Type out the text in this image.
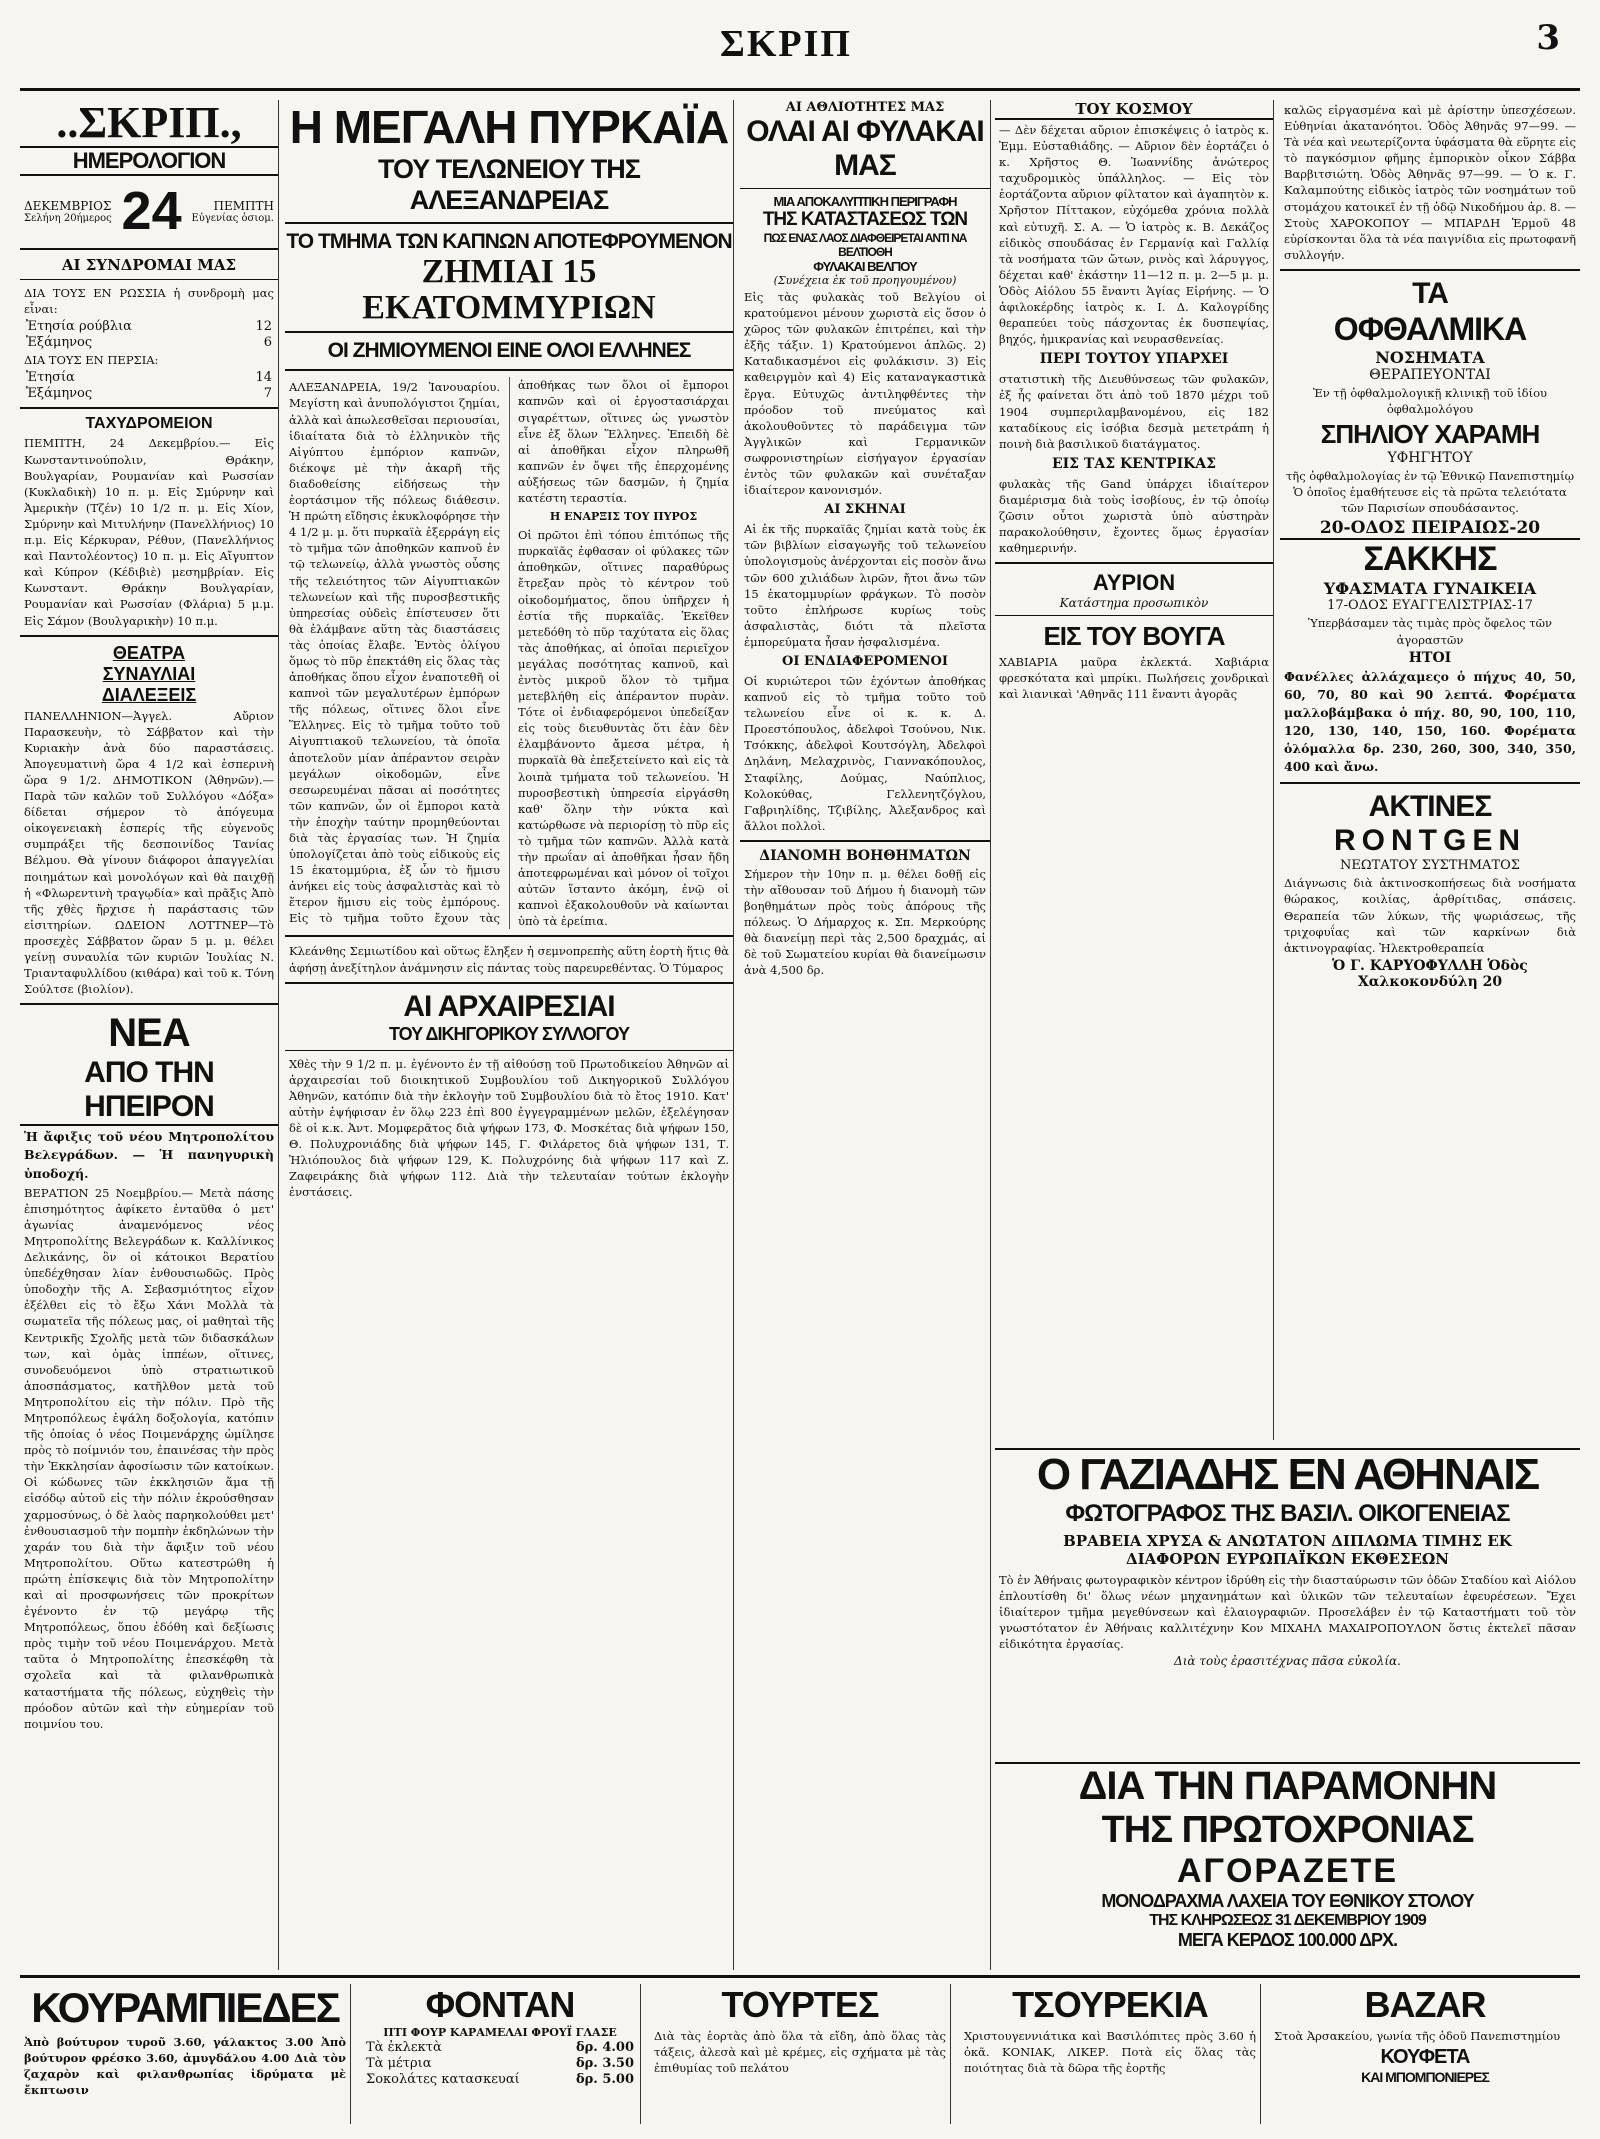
ΣΚΡΙΠ	3
..ΣΚΡΙΠ.,
ΗΜΕΡΟΛΟΓΙΟΝ
ΔΕΚΕΜΒΡΙΟΣ
Σελήνη 20ήμερος 24	ΠΕΜΠΤΗ
Εὐγενίας ὁσιομ.
ΑΙ ΣΥΝΔΡΟΜΑΙ ΜΑΣ
ΔΙΑ ΤΟΥΣ ΕΝ ΡΩΣΣΙΑ ἡ συνδρομὴ μας εἶναι:
Ἐτησία ρούβλια	12
Ἑξάμηνος	6
ΔΙΑ ΤΟΥΣ ΕΝ ΠΕΡΣΙΑ:
Ἐτησία	14
Ἑξάμηνος	7
ΤΑΧΥΔΡΟΜΕΙΟΝ
ΠΕΜΠΤΗ, 24 Δεκεμβρίου.— Εἰς Κωνσταντινούπολιν, Θράκην, Βουλγαρίαν, Ρουμανίαν καὶ Ρωσσίαν (Κυκλαδικὴ) 10 π. μ. Εἰς Σμύρνην καὶ Ἀμερικὴν (Τζέν) 10 1/2 π. μ. Εἰς Χίον, Σμύρνην καὶ Μιτυλήνην (Πανελλήνιος) 10 π.μ. Εἰς Κέρκυραν, Ρέθυν, (Πανελλήνιος καὶ Παντολέοντος) 10 π. μ. Εἰς Αἴγυπτον καὶ Κύπρον (Κέδιβιὲ) μεσημβρίαν. Εἰς Κωνσταντ. Θράκην Βουλγαρίαν, Ρουμανίαν καὶ Ρωσσίαν (Φλάρια) 5 μ.μ. Εἰς Σάμον (Βουλγαρικὴν) 10 π.μ.
ΘΕΑΤΡΑ
ΣΥΝΑΥΛΙΑΙ
ΔΙΑΛΕΞΕΙΣ
ΠΑΝΕΛΛΗΝΙΟΝ—Ἀγγελ. Αὔριον Παρασκευὴν, τὸ Σάββατον καὶ τὴν Κυριακὴν ἀνὰ δύο παραστάσεις. Ἀπογευματινὴ ὥρα 4 1/2 καὶ ἑσπερινὴ ὥρα 9 1/2. ΔΗΜΟΤΙΚΟΝ (Ἀθηνῶν).— Παρὰ τῶν καλῶν τοῦ Συλλόγου «Δόξα» δίδεται σήμερον τὸ ἀπόγευμα οἰκογενειακὴ ἑσπερίς τῆς εὐγενοῦς συμπράξει τῆς δεσποινίδος Τανίας Βέλμου. Θὰ γίνουν διάφοροι ἀπαγγελίαι ποιημάτων καὶ μονολόγων καὶ θὰ παιχθῇ ἡ «Φλωρεντινὴ τραγῳδία» καὶ πρᾶξις Ἀπὸ τῆς χθὲς ἤρχισε ἡ παράστασις τῶν εἰσιτηρίων. ΩΔΕΙΟΝ ΛΟΤΤΝΕΡ—Τὸ προσεχὲς Σάββατον ὥραν 5 μ. μ. θέλει γείνῃ συναυλία τῶν κυριῶν Ἰουλίας Ν. Τριανταφυλλίδου (κιθάρα) καὶ τοῦ κ. Τόνη Σούλτσε (βιολίον).
ΝΕΑ
ΑΠΟ ΤΗΝ ΗΠΕΙΡΟΝ
Ἡ ἄφιξις τοῦ νέου Μητροπολίτου Βελεγράδων. — Ἡ πανηγυρικὴ ὑποδοχή.
ΒΕΡΑΤΙΟΝ 25 Νοεμβρίου.— Μετὰ πάσης ἐπισημότητος ἀφίκετο ἐνταῦθα ὁ μετ' ἀγωνίας ἀναμενόμενος νέος Μητροπολίτης Βελεγράδων κ. Καλλίνικος Δελικάνης, ὃν οἱ κάτοικοι Βερατίου ὑπεδέχθησαν λίαν ἐνθουσιωδῶς. Πρὸς ὑποδοχὴν τῆς Α. Σεβασμιότητος εἶχον ἐξέλθει εἰς τὸ ἔξω Χάνι Μολλὰ τὰ σωματεῖα τῆς πόλεως μας, οἱ μαθηταὶ τῆς Κεντρικῆς Σχολῆς μετὰ τῶν διδασκάλων των, καὶ ὁμὰς ἱππέων, οἵτινες, συνοδευόμενοι ὑπὸ στρατιωτικοῦ ἀποσπάσματος, κατῆλθον μετὰ τοῦ Μητροπολίτου εἰς τὴν πόλιν. Πρὸ τῆς Μητροπόλεως ἐψάλη δοξολογία, κατόπιν τῆς ὁποίας ὁ νέος Ποιμενάρχης ὡμίλησε πρὸς τὸ ποίμνιόν του, ἐπαινέσας τὴν πρὸς τὴν Ἐκκλησίαν ἀφοσίωσιν τῶν κατοίκων. Οἱ κώδωνες τῶν ἐκκλησιῶν ἅμα τῇ εἰσόδῳ αὐτοῦ εἰς τὴν πόλιν ἐκρούσθησαν χαρμοσύνως, ὁ δὲ λαὸς παρηκολούθει μετ' ἐνθουσιασμοῦ τὴν πομπὴν ἐκδηλώνων τὴν χαράν του διὰ τὴν ἄφιξιν τοῦ νέου Μητροπολίτου. Οὕτω κατεστρώθη ἡ πρώτη ἐπίσκεψις διὰ τὸν Μητροπολίτην καὶ αἱ προσφωνήσεις τῶν προκρίτων ἐγένοντο ἐν τῷ μεγάρῳ τῆς Μητροπόλεως, ὅπου ἐδόθη καὶ δεξίωσις πρὸς τιμὴν τοῦ νέου Ποιμενάρχου. Μετὰ ταῦτα ὁ Μητροπολίτης ἐπεσκέφθη τὰ σχολεῖα καὶ τὰ φιλανθρωπικὰ καταστήματα τῆς πόλεως, εὐχηθεὶς τὴν πρόοδον αὐτῶν καὶ τὴν εὐημερίαν τοῦ ποιμνίου του.
Η ΜΕΓΑΛΗ ΠΥΡΚΑΪΑ
ΤΟΥ ΤΕΛΩΝΕΙΟΥ ΤΗΣ ΑΛΕΞΑΝΔΡΕΙΑΣ
ΤΟ ΤΜΗΜΑ ΤΩΝ ΚΑΠΝΩΝ ΑΠΟΤΕΦΡΟΥΜΕΝΟΝ
ΖΗΜΙΑΙ 15 ΕΚΑΤΟΜΜΥΡΙΩΝ
ΟΙ ΖΗΜΙΟΥΜΕΝΟΙ ΕΙΝΕ ΟΛΟΙ ΕΛΛΗΝΕΣ
ΑΛΕΞΑΝΔΡΕΙΑ, 19/2 Ἰανουαρίου. Μεγίστη καὶ ἀνυπολόγιστοι ζημίαι, ἀλλὰ καὶ ἀπωλεσθεῖσαι περιουσίαι, ἰδιαίτατα διὰ τὸ ἑλληνικὸν τῆς Αἰγύπτου ἐμπόριον καπνῶν, διέκοψε μὲ τὴν ἀκαρῆ τῆς διαδοθείσης εἰδήσεως τὴν ἑορτάσιμον τῆς πόλεως διάθεσιν. Ἡ πρώτη εἴδησις ἐκυκλοφόρησε τὴν 4 1/2 μ. μ. ὅτι πυρκαϊὰ ἐξερράγη εἰς τὸ τμῆμα τῶν ἀποθηκῶν καπνοῦ ἐν τῷ τελωνείῳ, ἀλλὰ γνωστὸς οὖσης τῆς τελειότητος τῶν Αἰγυπτιακῶν τελωνείων καὶ τῆς πυροσβεστικῆς ὑπηρεσίας οὐδεὶς ἐπίστευσεν ὅτι θὰ ἐλάμβανε αὕτη τὰς διαστάσεις τὰς ὁποίας ἔλαβε. Ἐντὸς ὀλίγου ὅμως τὸ πῦρ ἐπεκτάθη εἰς ὅλας τὰς ἀποθήκας ὅπου εἶχον ἐναποτεθῆ οἱ καπνοὶ τῶν μεγαλυτέρων ἐμπόρων τῆς πόλεως, οἵτινες ὅλοι εἶνε Ἕλληνες. Εἰς τὸ τμῆμα τοῦτο τοῦ Αἰγυπτιακοῦ τελωνείου, τὰ ὁποῖα ἀποτελοῦν μίαν ἀπέραντον σειρὰν μεγάλων οἰκοδομῶν, εἶνε σεσωρευμέναι πᾶσαι αἱ ποσότητες τῶν καπνῶν, ὧν οἱ ἔμποροι κατὰ τὴν ἐποχὴν ταύτην προμηθεύονται διὰ τὰς ἐργασίας των. Ἡ ζημία ὑπολογίζεται ἀπὸ τοὺς εἰδικοὺς εἰς 15 ἑκατομμύρια, ἐξ ὧν τὸ ἥμισυ ἀνήκει εἰς τοὺς ἀσφαλιστὰς καὶ τὸ ἕτερον ἥμισυ εἰς τοὺς ἐμπόρους. Εἰς τὸ τμῆμα τοῦτο ἔχουν τὰς ἀποθήκας των ὅλοι οἱ ἔμποροι καπνῶν καὶ οἱ ἐργοστασιάρχαι σιγαρέττων, οἵτινες ὡς γνωστὸν εἶνε ἐξ ὅλων Ἕλληνες. Ἐπειδὴ δὲ αἱ ἀποθῆκαι εἶχον πληρωθῆ καπνῶν ἐν ὄψει τῆς ἐπερχομένης αὐξήσεως τῶν δασμῶν, ἡ ζημία κατέστη τεραστία.
Η ΕΝΑΡΞΙΣ ΤΟΥ ΠΥΡΟΣ
Οἱ πρῶτοι ἐπὶ τόπου ἐπιτόπως τῆς πυρκαϊᾶς ἐφθασαν οἱ φύλακες τῶν ἀποθηκῶν, οἵτινες παραθύρως ἔτρεξαν πρὸς τὸ κέντρον τοῦ οἰκοδομήματος, ὅπου ὑπῆρχεν ἡ ἑστία τῆς πυρκαϊᾶς. Ἐκεῖθεν μετεδόθη τὸ πῦρ ταχύτατα εἰς ὅλας τὰς ἀποθήκας, αἱ ὁποῖαι περιεῖχον μεγάλας ποσότητας καπνοῦ, καὶ ἐντὸς μικροῦ ὅλον τὸ τμῆμα μετεβλήθη εἰς ἀπέραντον πυρὰν. Τότε οἱ ἐνδιαφερόμενοι ὑπεδείξαν εἰς τοὺς διευθυντὰς ὅτι ἐὰν δὲν ἐλαμβάνοντο ἄμεσα μέτρα, ἡ πυρκαϊὰ θὰ ἐπεξετείνετο καὶ εἰς τὰ λοιπὰ τμήματα τοῦ τελωνείου. Ἡ πυροσβεστικὴ ὑπηρεσία εἰργάσθη καθ' ὅλην τὴν νύκτα καὶ κατώρθωσε νὰ περιορίσῃ τὸ πῦρ εἰς τὸ τμῆμα τῶν καπνῶν. Ἀλλὰ κατὰ τὴν πρωΐαν αἱ ἀποθῆκαι ἦσαν ἤδη ἀποτεφρωμέναι καὶ μόνον οἱ τοῖχοι αὐτῶν ἵσταντο ἀκόμη, ἐνῷ οἱ καπνοὶ ἐξακολουθοῦν νὰ καίωνται ὑπὸ τὰ ἐρείπια.
Κλεάνθης Σεμιωτίδου καὶ οὕτως ἔληξεν ἡ σεμνοπρεπὴς αὕτη ἑορτὴ ἥτις θὰ ἀφήσῃ ἀνεξίτηλον ἀνάμνησιν εἰς πάντας τοὺς παρευρεθέντας. Ὁ Τύμαρος
ΑΙ ΑΡΧΑΙΡΕΣΙΑΙ
ΤΟΥ ΔΙΚΗΓΟΡΙΚΟΥ ΣΥΛΛΟΓΟΥ
Χθὲς τὴν 9 1/2 π. μ. ἐγένοντο ἐν τῇ αἰθούσῃ τοῦ Πρωτοδικείου Ἀθηνῶν αἱ ἀρχαιρεσίαι τοῦ διοικητικοῦ Συμβουλίου τοῦ Δικηγορικοῦ Συλλόγου Ἀθηνῶν, κατόπιν διὰ τὴν ἐκλογὴν τοῦ Συμβουλίου διὰ τὸ ἔτος 1910. Κατ' αὐτὴν ἐψήφισαν ἐν ὅλῳ 223 ἐπὶ 800 ἐγγεγραμμένων μελῶν, ἐξελέγησαν δὲ οἱ κ.κ. Ἀντ. Μομφερᾶτος διὰ ψήφων 173, Φ. Μοσκέτας διὰ ψήφων 150, Θ. Πολυχρονιάδης διὰ ψήφων 145, Γ. Φιλάρετος διὰ ψήφων 131, Τ. Ἠλιόπουλος διὰ ψήφων 129, Κ. Πολυχρόνης διὰ ψήφων 117 καὶ Ζ. Ζαφειράκης διὰ ψήφων 112. Διὰ τὴν τελευταίαν τούτων ἐκλογὴν ἐνστάσεις.
ΑΙ ΑΘΛΙΟΤΗΤΕΣ ΜΑΣ
ΟΛΑΙ ΑΙ ΦΥΛΑΚΑΙ ΜΑΣ
ΜΙΑ ΑΠΟΚΑΛΥΠΤΙΚΗ ΠΕΡΙΓΡΑΦΗ
ΤΗΣ ΚΑΤΑΣΤΑΣΕΩΣ ΤΩΝ
ΠΩΣ ΕΝΑΣ ΛΑΟΣ ΔΙΑΦΘΕΙΡΕΤΑΙ ΑΝΤΙ ΝΑ ΒΕΛΤΙΟΘΗ
ΦΥΛΑΚΑΙ ΒΕΛΓΙΟΥ
(Συνέχεια ἐκ τοῦ προηγουμένου)
Εἰς τὰς φυλακὰς τοῦ Βελγίου οἱ κρατούμενοι μένουν χωριστὰ εἰς ὅσον ὁ χῶρος τῶν φυλακῶν ἐπιτρέπει, καὶ τὴν ἐξῆς τάξιν. 1) Κρατούμενοι ἁπλῶς. 2) Καταδικασμένοι εἰς φυλάκισιν. 3) Εἰς καθειργμὸν καὶ 4) Εἰς καταναγκαστικὰ ἔργα. Εὐτυχῶς ἀντιληφθέντες τὴν πρόοδον τοῦ πνεύματος καὶ ἀκολουθοῦντες τὸ παράδειγμα τῶν Ἀγγλικῶν καὶ Γερμανικῶν σωφρονιστηρίων εἰσήγαγον ἐργασίαν ἐντὸς τῶν φυλακῶν καὶ συνέταξαν ἰδιαίτερον κανονισμόν.
ΑΙ ΣΚΗΝΑΙ
Αἱ ἐκ τῆς πυρκαϊᾶς ζημίαι κατὰ τοὺς ἐκ τῶν βιβλίων εἰσαγωγῆς τοῦ τελωνείου ὑπολογισμοὺς ἀνέρχονται εἰς ποσὸν ἄνω τῶν 600 χιλιάδων λιρῶν, ἤτοι ἄνω τῶν 15 ἑκατομμυρίων φράγκων. Τὸ ποσὸν τοῦτο ἐπλήρωσε κυρίως τοὺς ἀσφαλιστὰς, διότι τὰ πλεῖστα ἐμπορεύματα ἦσαν ἠσφαλισμένα.
ΟΙ ΕΝΔΙΑΦΕΡΟΜΕΝΟΙ
Οἱ κυριώτεροι τῶν ἐχόντων ἀποθήκας καπνοῦ εἰς τὸ τμῆμα τοῦτο τοῦ τελωνείου εἶνε οἱ κ. κ. Δ. Προεστόπουλος, ἀδελφοὶ Τσούνου, Νικ. Τσόκκης, ἀδελφοὶ Κουτσόγλη, Ἀδελφοὶ Δηλάνη, Μελαχρινὸς, Γιαννακόπουλος, Σταφίλης, Δούμας, Ναύπλιος, Κολοκύθας, Γελλενητζόγλου, Γαβριηλίδης, Τζιβίλης, Ἀλεξανδρος καὶ ἄλλοι πολλοὶ.
ΔΙΑΝΟΜΗ ΒΟΗΘΗΜΑΤΩΝ
Σήμερον τὴν 10ην π. μ. θέλει δοθῇ εἰς τὴν αἴθουσαν τοῦ Δήμου ἡ διανομὴ τῶν βοηθημάτων πρὸς τοὺς ἀπόρους τῆς πόλεως. Ὁ Δήμαρχος κ. Σπ. Μερκούρης θὰ διανείμῃ περὶ τὰς 2,500 δραχμάς, αἱ δὲ τοῦ Σωματείου κυρίαι θὰ διανείμωσιν ἀνὰ 4,500 δρ.
ΤΟΥ ΚΟΣΜΟΥ
— Δὲν δέχεται αὔριον ἐπισκέψεις ὁ ἰατρὸς κ. Ἐμμ. Εὐσταθιάδης. — Αὔριον δὲν ἑορτάζει ὁ κ. Χρῆστος Θ. Ἰωαννίδης ἀνώτερος ταχυδρομικὸς ὑπάλληλος. — Εἰς τὸν ἑορτάζοντα αὔριον φίλτατον καὶ ἀγαπητὸν κ. Χρῆστον Πίττακον, εὐχόμεθα χρόνια πολλὰ καὶ εὐτυχῆ. Σ. Α. — Ὁ ἰατρὸς κ. Β. Δεκάζος εἰδικὸς σπουδάσας ἐν Γερμανίᾳ καὶ Γαλλίᾳ τὰ νοσήματα τῶν ὤτων, ρινὸς καὶ λάρυγγος, δέχεται καθ' ἑκάστην 11—12 π. μ. 2—5 μ. μ. Ὁδὸς Αἰόλου 55 ἔναντι Ἁγίας Εἰρήνης. — Ὁ ἀφιλοκέρδης ἰατρὸς κ. Ι. Δ. Καλογρίδης θεραπεύει τοὺς πάσχοντας ἐκ δυσπεψίας, βηχός, ἡμικρανίας καὶ νευρασθενείας.
ΠΕΡΙ ΤΟΥΤΟΥ ΥΠΑΡΧΕΙ
στατιστικὴ τῆς Διευθύνσεως τῶν φυλακῶν, ἐξ ἧς φαίνεται ὅτι ἀπὸ τοῦ 1870 μέχρι τοῦ 1904 συμπεριλαμβανομένου, εἰς 182 καταδίκους εἰς ἰσόβια δεσμὰ μετετράπη ἡ ποινὴ διὰ βασιλικοῦ διατάγματος.
ΕΙΣ ΤΑΣ ΚΕΝΤΡΙΚΑΣ
φυλακὰς τῆς Gand ὑπάρχει ἰδιαίτερον διαμέρισμα διὰ τοὺς ἰσοβίους, ἐν τῷ ὁποίῳ ζῶσιν οὗτοι χωριστὰ ὑπὸ αὐστηρὰν παρακολούθησιν, ἔχοντες ὅμως ἐργασίαν καθημερινήν.
ΑΥΡΙΟΝ
Κατάστημα προσωπικὸν
ΕΙΣ ΤΟΥ ΒΟΥΓΑ
ΧΑΒΙΑΡΙΑ μαῦρα ἐκλεκτά. Χαβιάρια φρεσκότατα καὶ μπρίκι. Πωλήσεις χονδρικαὶ καὶ λιανικαὶ 'Αθηνᾶς 111 ἔναντι ἀγορᾶς
καλῶς εἰργασμένα καὶ μὲ ἀρίστην ὑπεσχέσεων. Εὐθηνίαι ἀκατανόητοι. Ὁδὸς Ἀθηνᾶς 97—99. — Τὰ νέα καὶ νεωτερίζοντα ὑφάσματα θὰ εὕρητε εἰς τὸ παγκόσμιον φῆμης ἐμπορικὸν οἶκον Σάββα Βαρβιτσιώτη. Ὁδὸς Ἀθηνᾶς 97—99. — Ὁ κ. Γ. Καλαμπούτης εἰδικὸς ἰατρὸς τῶν νοσημάτων τοῦ στομάχου κατοικεῖ ἐν τῇ ὁδῷ Νικοδήμου ἀρ. 8. — Στοὺς ΧΑΡΟΚΟΠΟΥ — ΜΠΑΡΔΗ Ἑρμοῦ 48 εὑρίσκονται ὅλα τὰ νέα παιγνίδια εἰς πρωτοφανῆ συλλογήν.
ΤΑ
ΟΦΘΑΛΜΙΚΑ
ΝΟΣΗΜΑΤΑ
ΘΕΡΑΠΕΥΟΝΤΑΙ
Ἐν τῇ ὀφθαλμολογικῇ κλινικῇ τοῦ ἰδίου ὀφθαλμολόγου
ΣΠΗΛΙΟΥ ΧΑΡΑΜΗ
ΥΦΗΓΗΤΟΥ
τῆς ὀφθαλμολογίας ἐν τῷ Ἐθνικῷ Πανεπιστημίῳ Ὁ ὁποῖος ἐμαθήτευσε εἰς τὰ πρῶτα τελειότατα τῶν Παρισίων σπουδάσαντος.
20-ΟΔΟΣ ΠΕΙΡΑΙΩΣ-20
ΣΑΚΚΗΣ
ΥΦΑΣΜΑΤΑ ΓΥΝΑΙΚΕΙΑ
17-ΟΔΟΣ ΕΥΑΓΓΕΛΙΣΤΡΙΑΣ-17
Ὑπερβάσαμεν τὰς τιμὰς πρὸς ὄφελος τῶν ἀγοραστῶν
ΗΤΟΙ
Φανέλλες ἀλλάχαμεςο ὁ πήχυς 40, 50, 60, 70, 80 καὶ 90 λεπτά. Φορέματα μαλλοβάμβακα ὁ πήχ. 80, 90, 100, 110, 120, 130, 140, 150, 160. Φορέματα ὁλόμαλλα δρ. 230, 260, 300, 340, 350, 400 καὶ ἄνω.
ΑΚΤΙΝΕΣ
RONTGEN
ΝΕΩΤΑΤΟΥ ΣΥΣΤΗΜΑΤΟΣ
Διάγνωσις διὰ ἀκτινοσκοπήσεως διὰ νοσήματα θώρακος, κοιλίας, ἀρθρίτιδας, σπάσεις. Θεραπεία τῶν λύκων, τῆς ψωριάσεως, τῆς τριχοφυΐας καὶ τῶν καρκίνων διὰ ἀκτινογραφίας. Ἠλεκτροθεραπεία
Ὁ Γ. ΚΑΡΥΟΦΥΛΛΗ Ὁδὸς Χαλκοκονδύλη 20
Ο ΓΑΖΙΑΔΗΣ ΕΝ ΑΘΗΝΑΙΣ
ΦΩΤΟΓΡΑΦΟΣ ΤΗΣ ΒΑΣΙΛ. ΟΙΚΟΓΕΝΕΙΑΣ
ΒΡΑΒΕΙΑ ΧΡΥΣΑ & ΑΝΩΤΑΤΟΝ ΔΙΠΛΩΜΑ ΤΙΜΗΣ ΕΚ ΔΙΑΦΟΡΩΝ ΕΥΡΩΠΑΪΚΩΝ ΕΚΘΕΣΕΩΝ
Τὸ ἐν Ἀθήναις φωτογραφικὸν κέντρον ἱδρύθη εἰς τὴν διασταύρωσιν τῶν ὁδῶν Σταδίου καὶ Αἰόλου ἐπλουτίσθη δι' ὅλως νέων μηχανημάτων καὶ ὑλικῶν τῶν τελευταίων ἐφευρέσεων. Ἔχει ἰδιαίτερον τμῆμα μεγεθύνσεων καὶ ἐλαιογραφιῶν. Προσελάβεν ἐν τῷ Καταστήματι τοῦ τὸν γνωστότατον ἐν Ἀθήναις καλλιτέχνην Κον ΜΙΧΑΗΛ ΜΑΧΑΙΡΟΠΟΥΛΟΝ ὅστις ἐκτελεῖ πᾶσαν εἰδικότητα ἐργασίας.
Διὰ τοὺς ἐρασιτέχνας πᾶσα εὐκολία.
ΔΙΑ ΤΗΝ ΠΑΡΑΜΟΝΗΝ
ΤΗΣ ΠΡΩΤΟΧΡΟΝΙΑΣ
ΑΓΟΡΑΖΕΤΕ
ΜΟΝΟΔΡΑΧΜΑ ΛΑΧΕΙΑ ΤΟΥ ΕΘΝΙΚΟΥ ΣΤΟΛΟΥ
ΤΗΣ ΚΛΗΡΩΣΕΩΣ 31 ΔΕΚΕΜΒΡΙΟΥ 1909
ΜΕΓΑ ΚΕΡΔΟΣ 100.000 ΔΡΧ.
ΚΟΥΡΑΜΠΙΕΔΕΣ
Ἀπὸ βούτυρον τυροῦ 3.60, γάλακτος 3.00 Ἀπὸ βούτυρον φρέσκο 3.60, ἀμυγδάλου 4.00 Διὰ τὸν ζαχαρὸν καὶ φιλανθρωπίας ἱδρύματα μὲ ἔκπτωσιν
ΦΟΝΤΑΝ
ΠΤΙ ΦΟΥΡ ΚΑΡΑΜΕΛΑΙ ΦΡΟΥΪ ΓΛΑΣΕ
Τὰ ἐκλεκτὰ	δρ. 4.00
Τὰ μέτρια	δρ. 3.50
Σοκολάτες κατασκευαί	δρ. 5.00
ΤΟΥΡΤΕΣ
Διὰ τὰς ἑορτὰς ἀπὸ ὅλα τὰ εἴδη, ἀπὸ ὅλας τὰς τάξεις, ἀλεσὰ καὶ μὲ κρέμες, εἰς σχήματα μὲ τὰς ἐπιθυμίας τοῦ πελάτου
ΤΣΟΥΡΕΚΙΑ
Χριστουγεννιάτικα καὶ Βασιλόπιτες πρὸς 3.60 ἡ ὀκᾶ. ΚΟΝΙΑΚ, ΛΙΚΕΡ. Ποτὰ εἰς ὅλας τὰς ποιότητας διὰ τὰ δῶρα τῆς ἑορτῆς
BAZAR
Στοὰ Ἀρσακείου, γωνία τῆς ὁδοῦ Πανεπιστημίου
ΚΟΥΦΕΤΑ
ΚΑΙ ΜΠΟΜΠΟΝΙΕΡΕΣ
